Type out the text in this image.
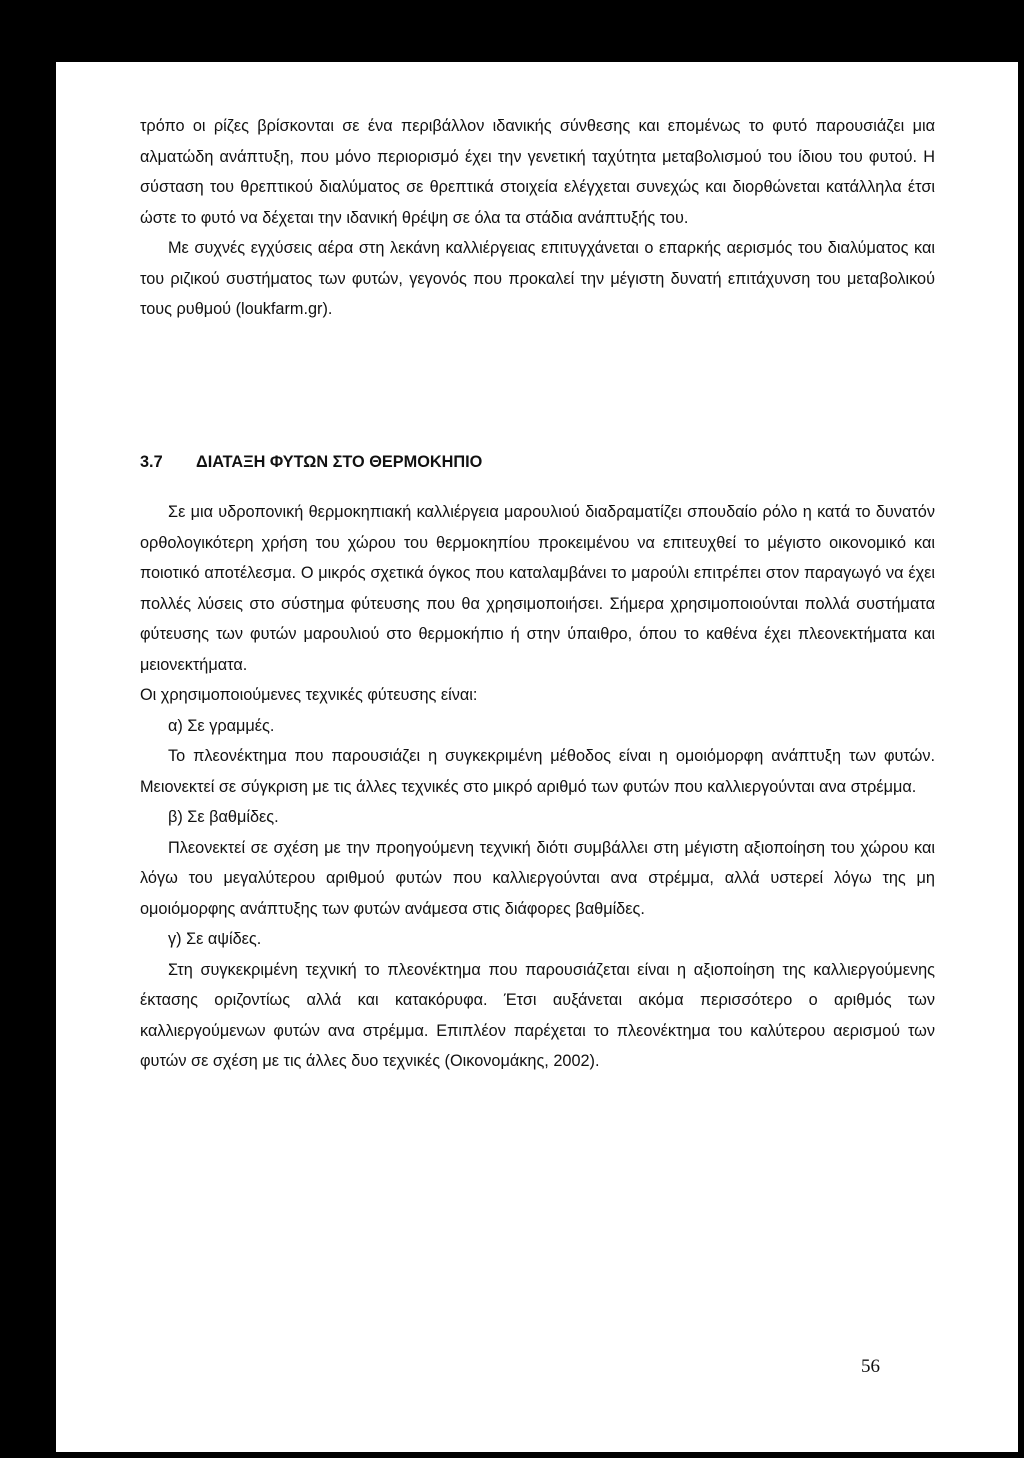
τρόπο οι ρίζες βρίσκονται σε ένα περιβάλλον ιδανικής σύνθεσης και επομένως το φυτό παρουσιάζει μια αλματώδη ανάπτυξη, που μόνο περιορισμό έχει την γενετική ταχύτητα μεταβολισμού του ίδιου του φυτού. Η σύσταση του θρεπτικού διαλύματος σε θρεπτικά στοιχεία ελέγχεται συνεχώς και διορθώνεται κατάλληλα έτσι ώστε το φυτό να δέχεται την ιδανική θρέψη σε όλα τα στάδια ανάπτυξής του.

Με συχνές εγχύσεις αέρα στη λεκάνη καλλιέργειας επιτυγχάνεται ο επαρκής αερισμός του διαλύματος και του ριζικού συστήματος των φυτών, γεγονός που προκαλεί την μέγιστη δυνατή επιτάχυνση του μεταβολικού τους ρυθμού (loukfarm.gr).

3.7 ΔΙΑΤΑΞΗ ΦΥΤΩΝ ΣΤΟ ΘΕΡΜΟΚΗΠΙΟ

Σε μια υδροπονική θερμοκηπιακή καλλιέργεια μαρουλιού διαδραματίζει σπουδαίο ρόλο η κατά το δυνατόν ορθολογικότερη χρήση του χώρου του θερμοκηπίου προκειμένου να επιτευχθεί το μέγιστο οικονομικό και ποιοτικό αποτέλεσμα. Ο μικρός σχετικά όγκος που καταλαμβάνει το μαρούλι επιτρέπει στον παραγωγό να έχει πολλές λύσεις στο σύστημα φύτευσης που θα χρησιμοποιήσει. Σήμερα χρησιμοποιούνται πολλά συστήματα φύτευσης των φυτών μαρουλιού στο θερμοκήπιο ή στην ύπαιθρο, όπου το καθένα έχει πλεονεκτήματα και μειονεκτήματα.

Οι χρησιμοποιούμενες τεχνικές φύτευσης είναι:

α) Σε γραμμές.

Το πλεονέκτημα που παρουσιάζει η συγκεκριμένη μέθοδος είναι η ομοιόμορφη ανάπτυξη των φυτών. Μειονεκτεί σε σύγκριση με τις άλλες τεχνικές στο μικρό αριθμό των φυτών που καλλιεργούνται ανα στρέμμα.

β) Σε βαθμίδες.

Πλεονεκτεί σε σχέση με την προηγούμενη τεχνική διότι συμβάλλει στη μέγιστη αξιοποίηση του χώρου και λόγω του μεγαλύτερου αριθμού φυτών που καλλιεργούνται ανα στρέμμα, αλλά υστερεί λόγω της μη ομοιόμορφης ανάπτυξης των φυτών ανάμεσα στις διάφορες βαθμίδες.

γ) Σε αψίδες.

Στη συγκεκριμένη τεχνική το πλεονέκτημα που παρουσιάζεται είναι η αξιοποίηση της καλλιεργούμενης έκτασης οριζοντίως αλλά και κατακόρυφα. Έτσι αυξάνεται ακόμα περισσότερο ο αριθμός των καλλιεργούμενων φυτών ανα στρέμμα. Επιπλέον παρέχεται το πλεονέκτημα του καλύτερου αερισμού των φυτών σε σχέση με τις άλλες δυο τεχνικές (Οικονομάκης, 2002).

56
